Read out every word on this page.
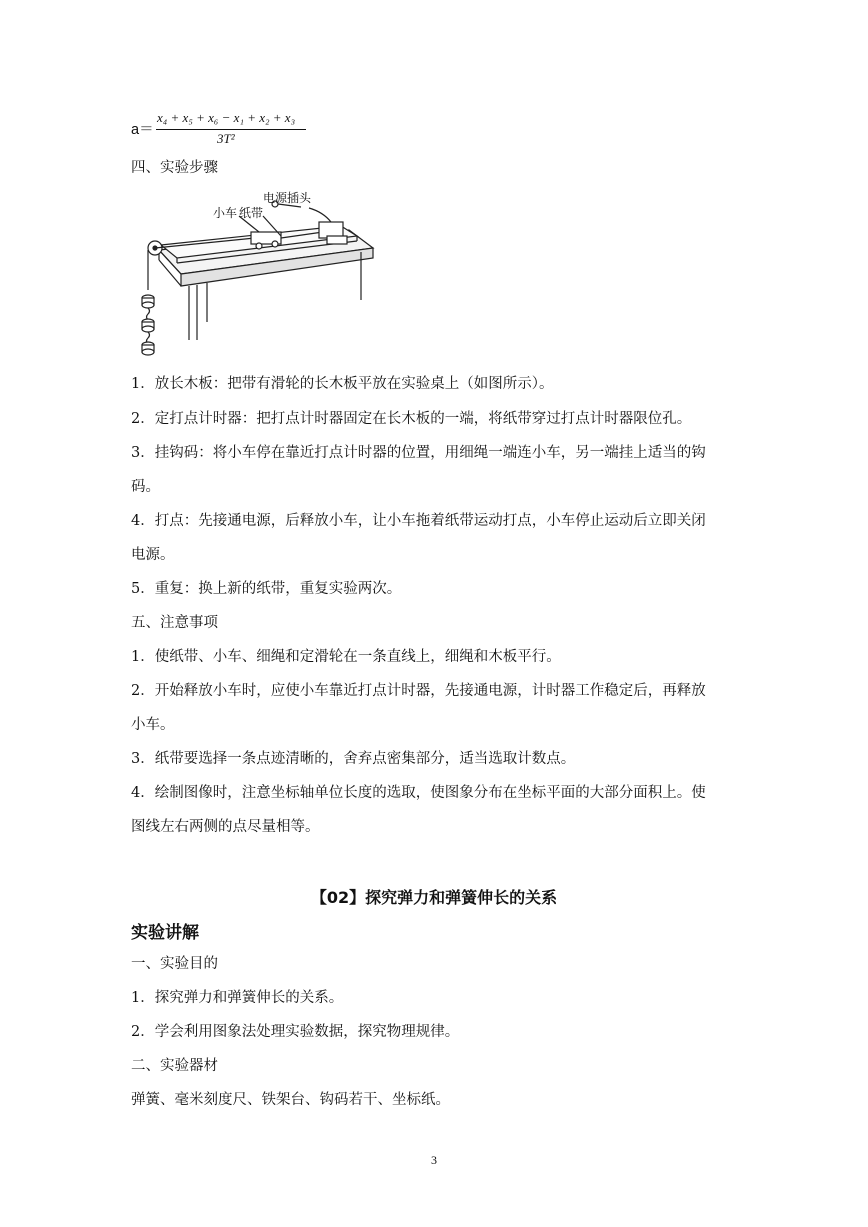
a＝
x₄ + x₅ + x₆ − x₁ + x₂ + x₃
3T²
四、实验步骤
小车 纸带
电源插头
1．放长木板：把带有滑轮的长木板平放在实验桌上（如图所示）。
2．定打点计时器：把打点计时器固定在长木板的一端，将纸带穿过打点计时器限位孔。
3．挂钩码：将小车停在靠近打点计时器的位置，用细绳一端连小车，另一端挂上适当的钩
码。
4．打点：先接通电源，后释放小车，让小车拖着纸带运动打点，小车停止运动后立即关闭
电源。
5．重复：换上新的纸带，重复实验两次。
五、注意事项
1．使纸带、小车、细绳和定滑轮在一条直线上，细绳和木板平行。
2．开始释放小车时，应使小车靠近打点计时器，先接通电源，计时器工作稳定后，再释放
小车。
3．纸带要选择一条点迹清晰的，舍弃点密集部分，适当选取计数点。
4．绘制图像时，注意坐标轴单位长度的选取，使图象分布在坐标平面的大部分面积上。使
图线左右两侧的点尽量相等。
【02】探究弹力和弹簧伸长的关系
实验讲解
一、实验目的
1．探究弹力和弹簧伸长的关系。
2．学会利用图象法处理实验数据，探究物理规律。
二、实验器材
弹簧、毫米刻度尺、铁架台、钩码若干、坐标纸。
3
